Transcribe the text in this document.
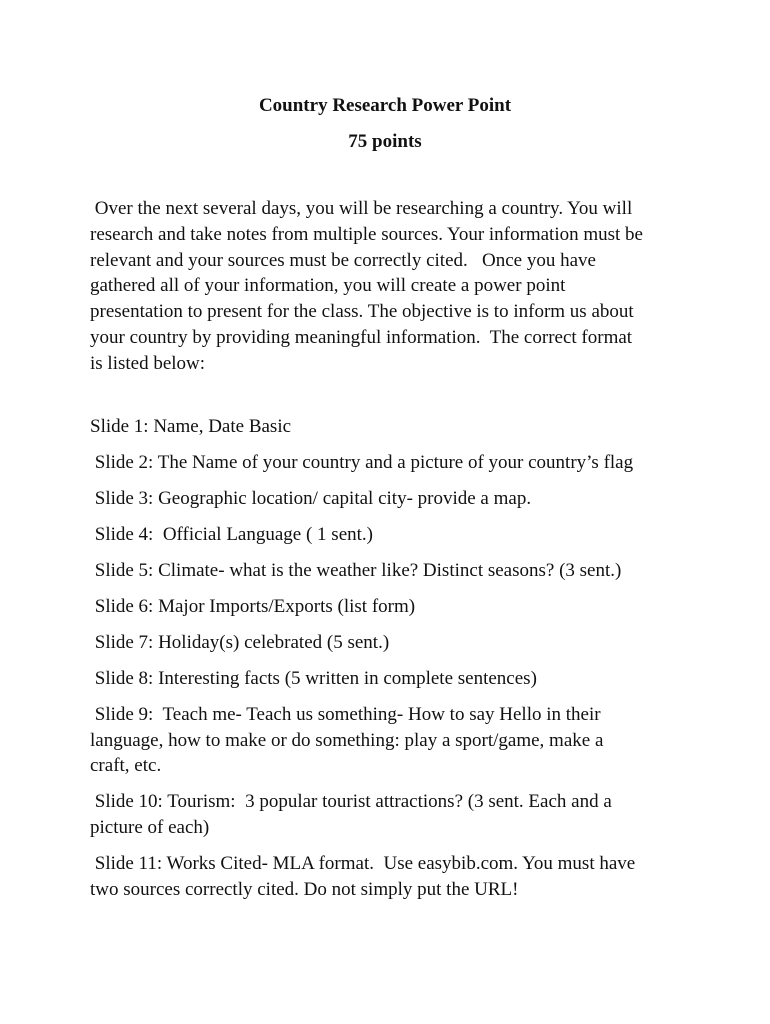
Country Research Power Point
75 points

Over the next several days, you will be researching a country. You will
research and take notes from multiple sources. Your information must be
relevant and your sources must be correctly cited.   Once you have
gathered all of your information, you will create a power point
presentation to present for the class. The objective is to inform us about
your country by providing meaningful information.  The correct format
is listed below:

Slide 1: Name, Date Basic
Slide 2: The Name of your country and a picture of your country’s flag
Slide 3: Geographic location/ capital city- provide a map.
Slide 4:  Official Language ( 1 sent.)
Slide 5: Climate- what is the weather like? Distinct seasons? (3 sent.)
Slide 6: Major Imports/Exports (list form)
Slide 7: Holiday(s) celebrated (5 sent.)
Slide 8: Interesting facts (5 written in complete sentences)
Slide 9:  Teach me- Teach us something- How to say Hello in their
language, how to make or do something: play a sport/game, make a
craft, etc.
Slide 10: Tourism:  3 popular tourist attractions? (3 sent. Each and a
picture of each)
Slide 11: Works Cited- MLA format.  Use easybib.com. You must have
two sources correctly cited. Do not simply put the URL!
